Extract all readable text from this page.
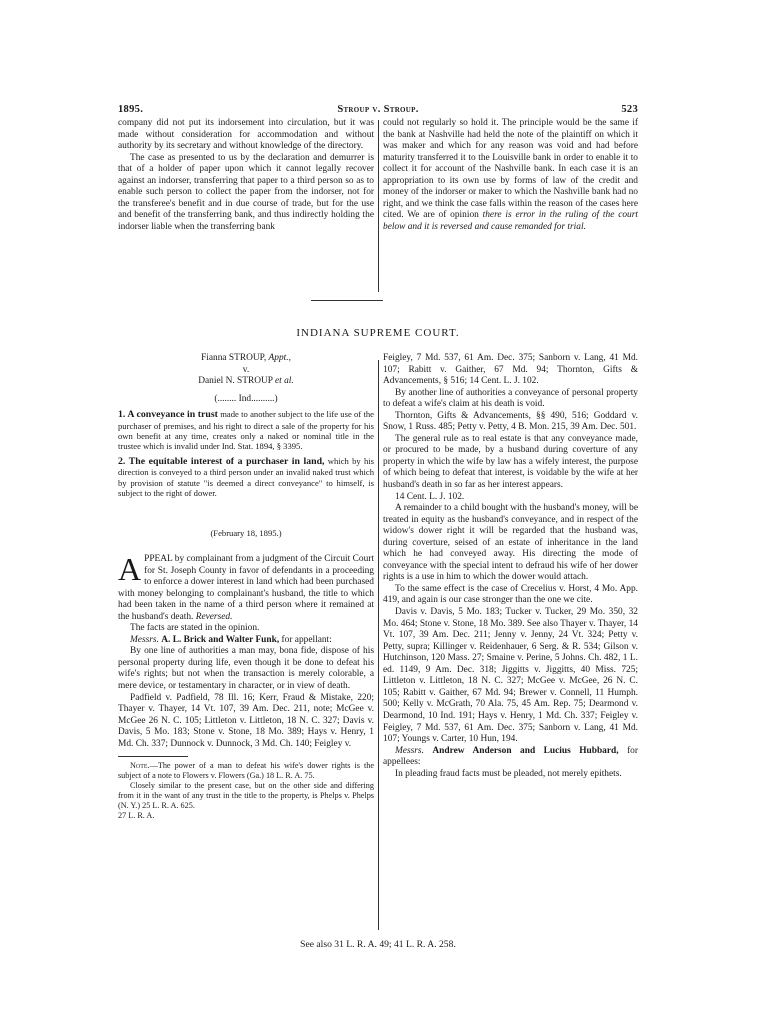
1895.	Stroup v. Stroup.	523

company did not put its indorsement into circulation, but it was made without consideration for accommodation and without authority by its secretary and without knowledge of the directory.

The case as presented to us by the declaration and demurrer is that of a holder of paper upon which it cannot legally recover against an indorser, transferring that paper to a third person so as to enable such person to collect the paper from the indorser, not for the transferee's benefit and in due course of trade, but for the use and benefit of the transferring bank, and thus indirectly holding the indorser liable when the transferring bank

could not regularly so hold it. The principle would be the same if the bank at Nashville had held the note of the plaintiff on which it was maker and which for any reason was void and had before maturity transferred it to the Louisville bank in order to enable it to collect it for account of the Nashville bank. In each case it is an appropriation to its own use by forms of law of the credit and money of the indorser or maker to which the Nashville bank had no right, and we think the case falls within the reason of the cases here cited. We are of opinion there is error in the ruling of the court below and it is reversed and cause remanded for trial.

INDIANA SUPREME COURT.

Fianna STROUP, Appt.,

v.

Daniel N. STROUP et al.

(........ Ind..........)

1. A conveyance in trust made to another subject to the life use of the purchaser of premises, and his right to direct a sale of the property for his own benefit at any time, creates only a naked or nominal title in the trustee which is invalid under Ind. Stat. 1894, § 3395.

2. The equitable interest of a purchaser in land, which by his direction is conveyed to a third person under an invalid naked trust which by provision of statute "is deemed a direct conveyance" to himself, is subject to the right of dower.

(February 18, 1895.)

APPEAL by complainant from a judgment of the Circuit Court for St. Joseph County in favor of defendants in a proceeding to enforce a dower interest in land which had been purchased with money belonging to complainant's husband, the title to which had been taken in the name of a third person where it remained at the husband's death. Reversed.

The facts are stated in the opinion.

Messrs. A. L. Brick and Walter Funk, for appellant:

By one line of authorities a man may, bona fide, dispose of his personal property during life, even though it be done to defeat his wife's rights; but not when the transaction is merely colorable, a mere device, or testamentary in character, or in view of death.

Padfield v. Padfield, 78 Ill. 16; Kerr, Fraud & Mistake, 220; Thayer v. Thayer, 14 Vt. 107, 39 Am. Dec. 211, note; McGee v. McGee 26 N. C. 105; Littleton v. Littleton, 18 N. C. 327; Davis v. Davis, 5 Mo. 183; Stone v. Stone, 18 Mo. 389; Hays v. Henry, 1 Md. Ch. 337; Dunnock v. Dunnock, 3 Md. Ch. 140; Feigley v.

Note.—The power of a man to defeat his wife's dower rights is the subject of a note to Flowers v. Flowers (Ga.) 18 L. R. A. 75.

Closely similar to the present case, but on the other side and differing from it in the want of any trust in the title to the property, is Phelps v. Phelps (N. Y.) 25 L. R. A. 625.

27 L. R. A.

Feigley, 7 Md. 537, 61 Am. Dec. 375; Sanborn v. Lang, 41 Md. 107; Rabitt v. Gaither, 67 Md. 94; Thornton, Gifts & Advancements, § 516; 14 Cent. L. J. 102.

By another line of authorities a conveyance of personal property to defeat a wife's claim at his death is void.

Thornton, Gifts & Advancements, §§ 490, 516; Goddard v. Snow, 1 Russ. 485; Petty v. Petty, 4 B. Mon. 215, 39 Am. Dec. 501.

The general rule as to real estate is that any conveyance made, or procured to be made, by a husband during coverture of any property in which the wife by law has a wifely interest, the purpose of which being to defeat that interest, is voidable by the wife at her husband's death in so far as her interest appears.

14 Cent. L. J. 102.

A remainder to a child bought with the husband's money, will be treated in equity as the husband's conveyance, and in respect of the widow's dower right it will be regarded that the husband was, during coverture, seised of an estate of inheritance in the land which he had conveyed away. His directing the mode of conveyance with the special intent to defraud his wife of her dower rights is a use in him to which the dower would attach.

To the same effect is the case of Crecelius v. Horst, 4 Mo. App. 419, and again is our case stronger than the one we cite.

Davis v. Davis, 5 Mo. 183; Tucker v. Tucker, 29 Mo. 350, 32 Mo. 464; Stone v. Stone, 18 Mo. 389. See also Thayer v. Thayer, 14 Vt. 107, 39 Am. Dec. 211; Jenny v. Jenny, 24 Vt. 324; Petty v. Petty, supra; Killinger v. Reidenhauer, 6 Serg. & R. 534; Gilson v. Hutchinson, 120 Mass. 27; Smaine v. Perine, 5 Johns. Ch. 482, 1 L. ed. 1149, 9 Am. Dec. 318; Jiggitts v. Jiggitts, 40 Miss. 725; Littleton v. Littleton, 18 N. C. 327; McGee v. McGee, 26 N. C. 105; Rabitt v. Gaither, 67 Md. 94; Brewer v. Connell, 11 Humph. 500; Kelly v. McGrath, 70 Ala. 75, 45 Am. Rep. 75; Dearmond v. Dearmond, 10 Ind. 191; Hays v. Henry, 1 Md. Ch. 337; Feigley v. Feigley, 7 Md. 537, 61 Am. Dec. 375; Sanborn v. Lang, 41 Md. 107; Youngs v. Carter, 10 Hun, 194.

Messrs. Andrew Anderson and Lucius Hubbard, for appellees:

In pleading fraud facts must be pleaded, not merely epithets.

See also 31 L. R. A. 49; 41 L. R. A. 258.
